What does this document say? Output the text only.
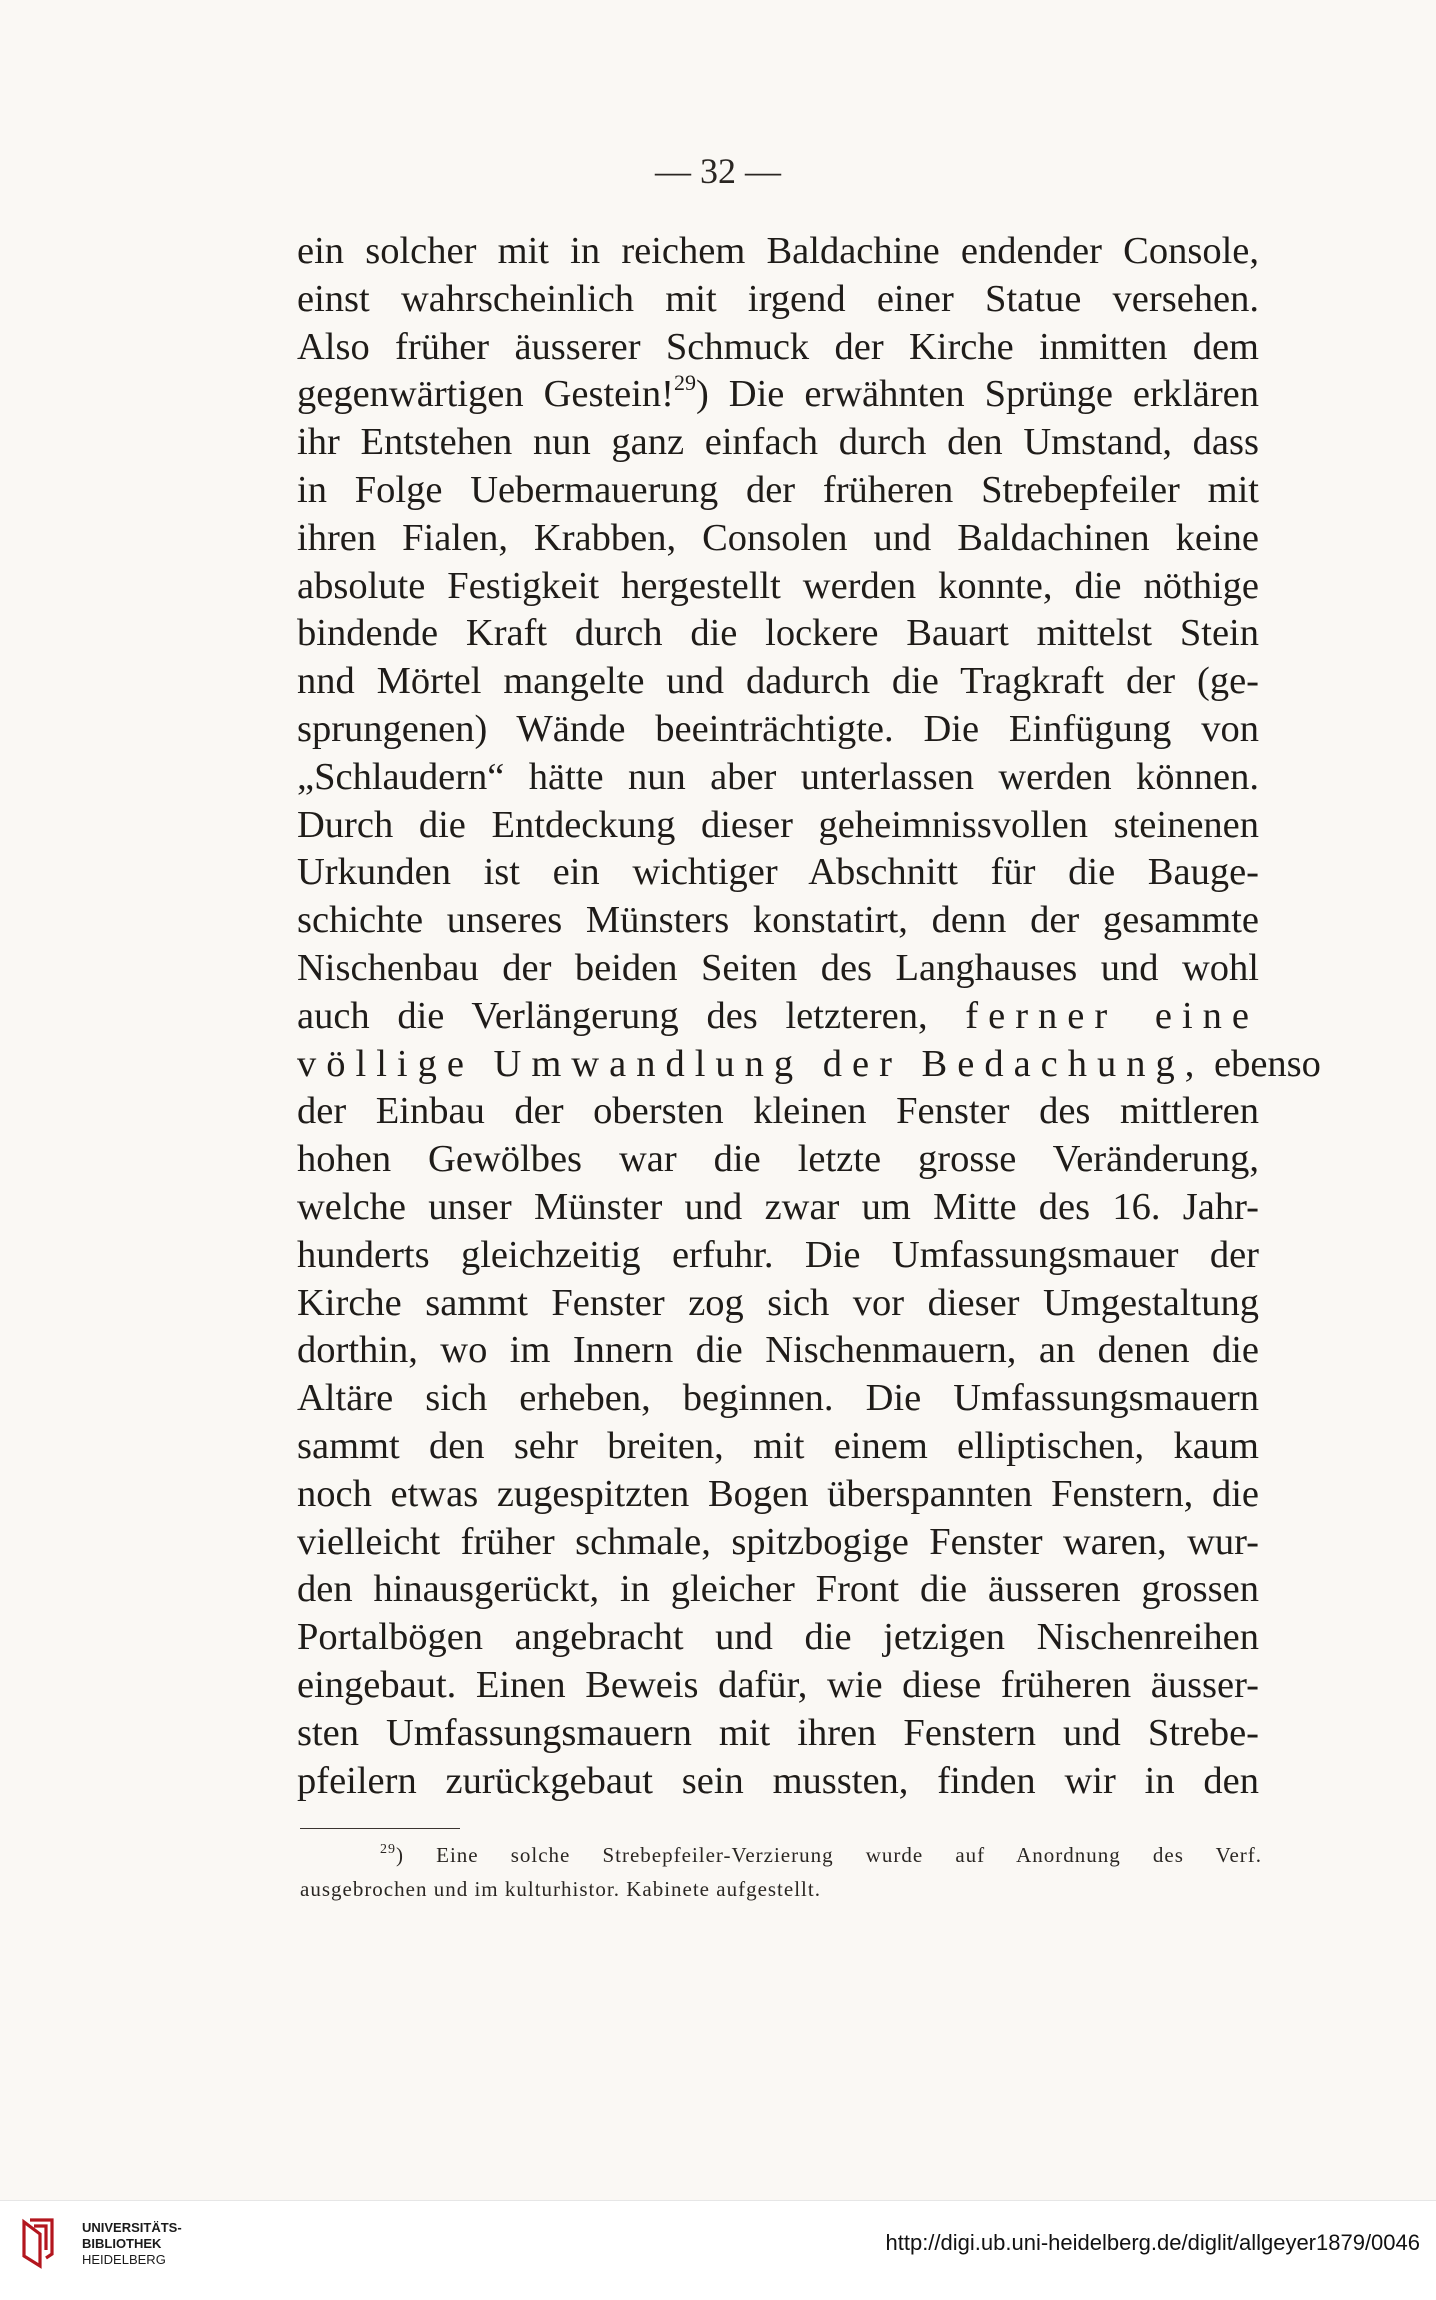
— 32 —
ein solcher mit in reichem Baldachine endender Console,
einst wahrscheinlich mit irgend einer Statue versehen.
Also früher äusserer Schmuck der Kirche inmitten dem
gegenwärtigen Gestein!$^{29}$) Die erwähnten Sprünge erklären
ihr Entstehen nun ganz einfach durch den Umstand, dass
in Folge Uebermauerung der früheren Strebepfeiler mit
ihren Fialen, Krabben, Consolen und Baldachinen keine
absolute Festigkeit hergestellt werden konnte, die nöthige
bindende Kraft durch die lockere Bauart mittelst Stein
nnd Mörtel mangelte und dadurch die Tragkraft der (ge-
sprungenen) Wände beeinträchtigte. Die Einfügung von
„Schlaudern“ hätte nun aber unterlassen werden können.
Durch die Entdeckung dieser geheimnissvollen steinenen
Urkunden ist ein wichtiger Abschnitt für die Bauge-
schichte unseres Münsters konstatirt, denn der gesammte
Nischenbau der beiden Seiten des Langhauses und wohl
auch die Verlängerung des letzteren, ferner eine
völlige Umwandlung der Bedachung, ebenso
der Einbau der obersten kleinen Fenster des mittleren
hohen Gewölbes war die letzte grosse Veränderung,
welche unser Münster und zwar um Mitte des 16. Jahr-
hunderts gleichzeitig erfuhr. Die Umfassungsmauer der
Kirche sammt Fenster zog sich vor dieser Umgestaltung
dorthin, wo im Innern die Nischenmauern, an denen die
Altäre sich erheben, beginnen. Die Umfassungsmauern
sammt den sehr breiten, mit einem elliptischen, kaum
noch etwas zugespitzten Bogen überspannten Fenstern, die
vielleicht früher schmale, spitzbogige Fenster waren, wur-
den hinausgerückt, in gleicher Front die äusseren grossen
Portalbögen angebracht und die jetzigen Nischenreihen
eingebaut. Einen Beweis dafür, wie diese früheren äusser-
sten Umfassungsmauern mit ihren Fenstern und Strebe-
pfeilern zurückgebaut sein mussten, finden wir in den
$^{29}$) Eine solche Strebepfeiler-Verzierung wurde auf Anordnung des Verf.
ausgebrochen und im kulturhistor. Kabinete aufgestellt.
UNIVERSITÄTS-
BIBLIOTHEK
HEIDELBERG
http://digi.ub.uni-heidelberg.de/diglit/allgeyer1879/0046
